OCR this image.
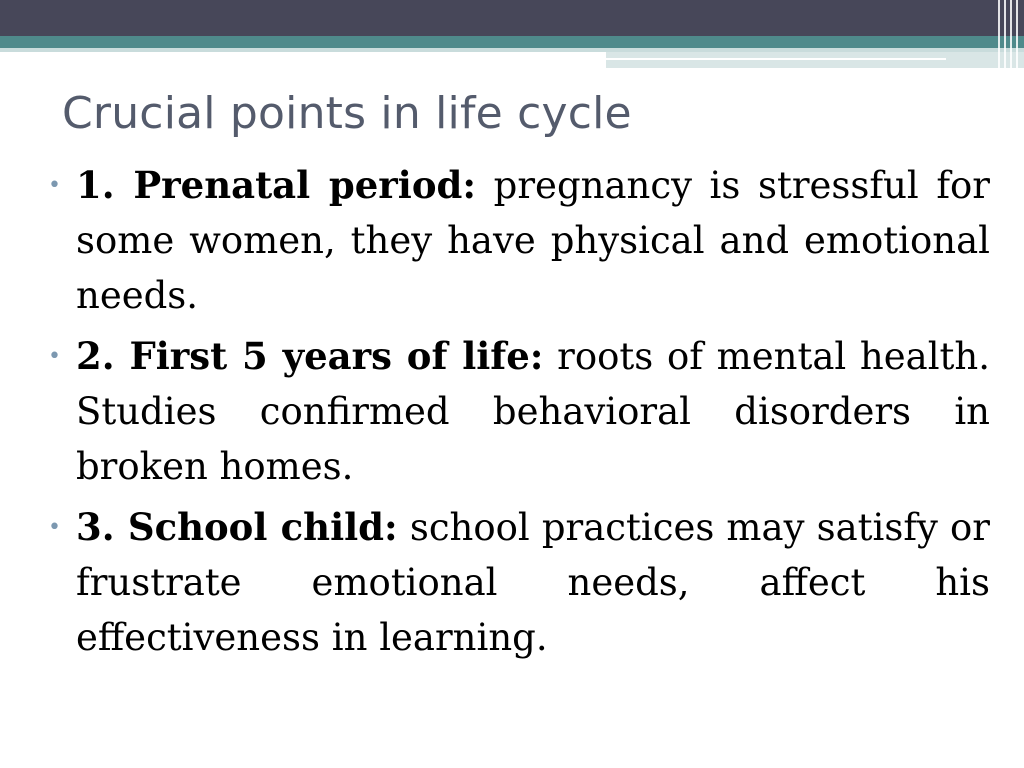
Crucial points in life cycle
• 1. Prenatal period: pregnancy is stressful for some women, they have physical and emotional needs.
• 2. First 5 years of life: roots of mental health. Studies confirmed behavioral disorders in broken homes.
• 3. School child: school practices may satisfy or frustrate emotional needs, affect his effectiveness in learning.
